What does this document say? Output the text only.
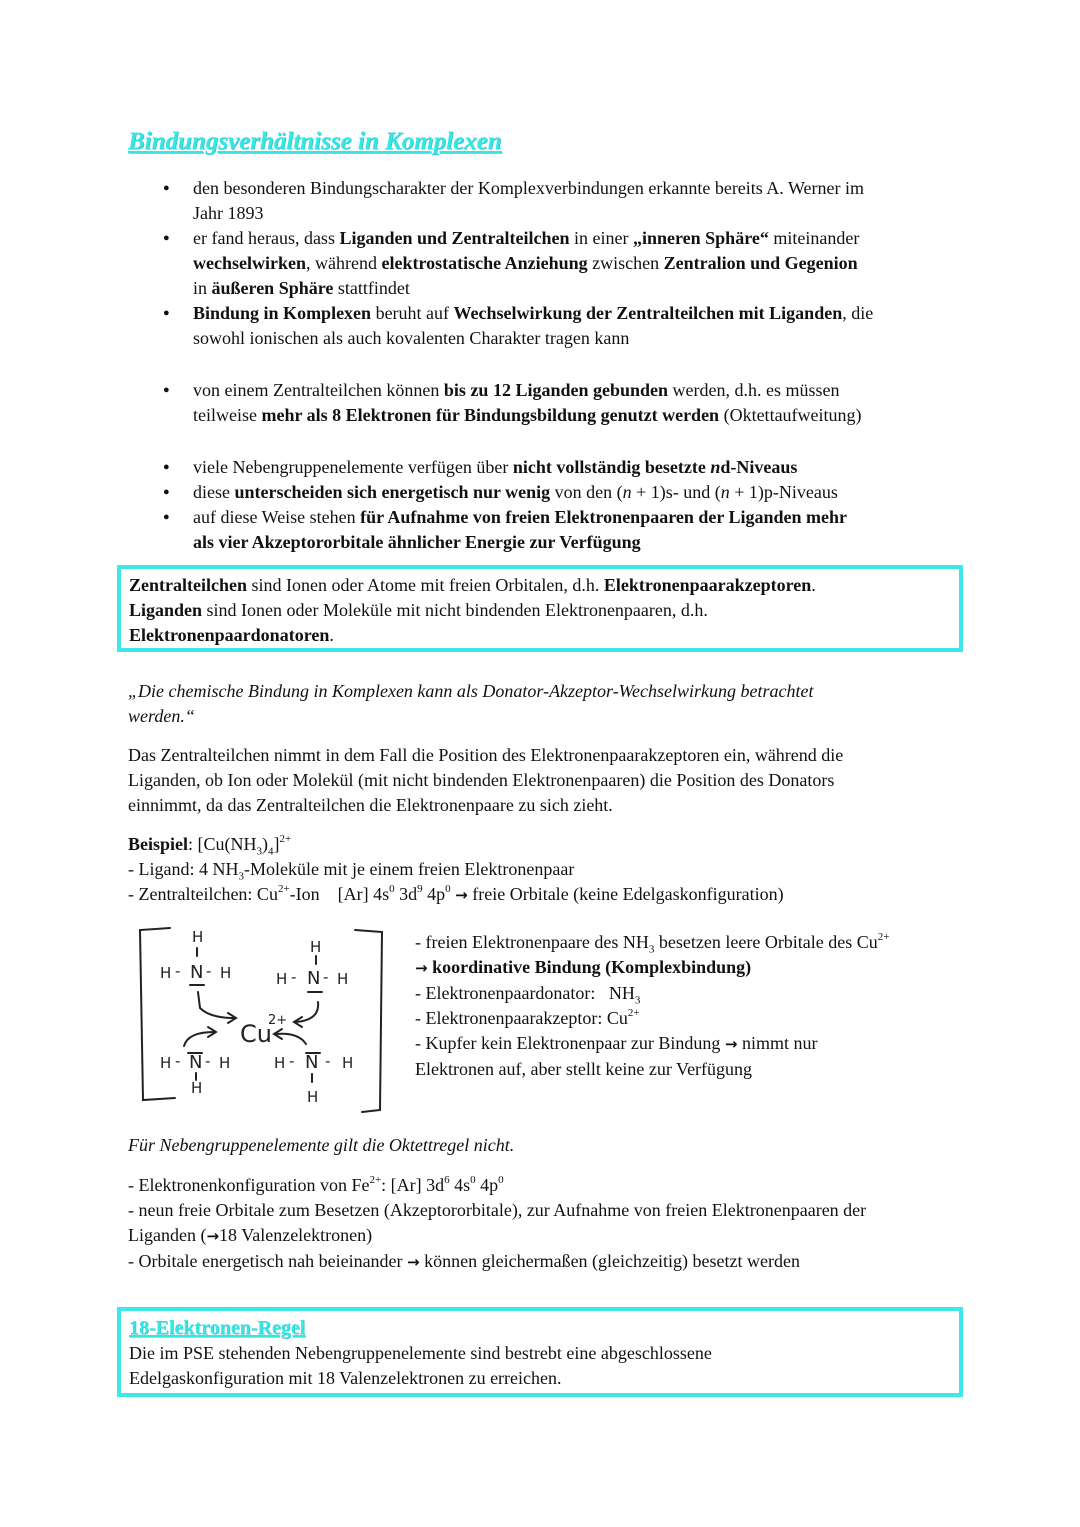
Bindungsverhältnisse in Komplexen
● den besonderen Bindungscharakter der Komplexverbindungen erkannte bereits A. Werner im
Jahr 1893
● er fand heraus, dass Liganden und Zentralteilchen in einer „inneren Sphäre“ miteinander
wechselwirken, während elektrostatische Anziehung zwischen Zentralion und Gegenion
in äußeren Sphäre stattfindet
● Bindung in Komplexen beruht auf Wechselwirkung der Zentralteilchen mit Liganden, die
sowohl ionischen als auch kovalenten Charakter tragen kann
● von einem Zentralteilchen können bis zu 12 Liganden gebunden werden, d.h. es müssen
teilweise mehr als 8 Elektronen für Bindungsbildung genutzt werden (Oktettaufweitung)
● viele Nebengruppenelemente verfügen über nicht vollständig besetzte nd-Niveaus
● diese unterscheiden sich energetisch nur wenig von den (n + 1)s- und (n + 1)p-Niveaus
● auf diese Weise stehen für Aufnahme von freien Elektronenpaaren der Liganden mehr
als vier Akzeptororbitale ähnlicher Energie zur Verfügung
Zentralteilchen sind Ionen oder Atome mit freien Orbitalen, d.h. Elektronenpaarakzeptoren.
Liganden sind Ionen oder Moleküle mit nicht bindenden Elektronenpaaren, d.h.
Elektronenpaardonatoren.
„Die chemische Bindung in Komplexen kann als Donator-Akzeptor-Wechselwirkung betrachtet
werden.“
Das Zentralteilchen nimmt in dem Fall die Position des Elektronenpaarakzeptoren ein, während die
Liganden, ob Ion oder Molekül (mit nicht bindenden Elektronenpaaren) die Position des Donators
einnimmt, da das Zentralteilchen die Elektronenpaare zu sich zieht.
Beispiel: $[Cu(NH_3)_4]^{2+}$
- Ligand: 4 $NH_3$-Moleküle mit je einem freien Elektronenpaar
- Zentralteilchen: $Cu^{2+}$-Ion    [Ar] $4s^0$ $3d^9$ $4p^0$ → freie Orbitale (keine Edelgaskonfiguration)
H
H - N - H
H
H - N - H
Cu
2+
H - N - H
H
H - N - H
H
- freien Elektronenpaare des $NH_3$ besetzen leere Orbitale des $Cu^{2+}$
→ koordinative Bindung (Komplexbindung)
- Elektronenpaardonator:   $NH_3$
- Elektronenpaarakzeptor: $Cu^{2+}$
- Kupfer kein Elektronenpaar zur Bindung → nimmt nur
Elektronen auf, aber stellt keine zur Verfügung
Für Nebengruppenelemente gilt die Oktettregel nicht.
- Elektronenkonfiguration von $Fe^{2+}$: [Ar] $3d^6$ $4s^0$ $4p^0$
- neun freie Orbitale zum Besetzen (Akzeptororbitale), zur Aufnahme von freien Elektronenpaaren der
Liganden (→18 Valenzelektronen)
- Orbitale energetisch nah beieinander → können gleichermaßen (gleichzeitig) besetzt werden
18-Elektronen-Regel
Die im PSE stehenden Nebengruppenelemente sind bestrebt eine abgeschlossene
Edelgaskonfiguration mit 18 Valenzelektronen zu erreichen.
